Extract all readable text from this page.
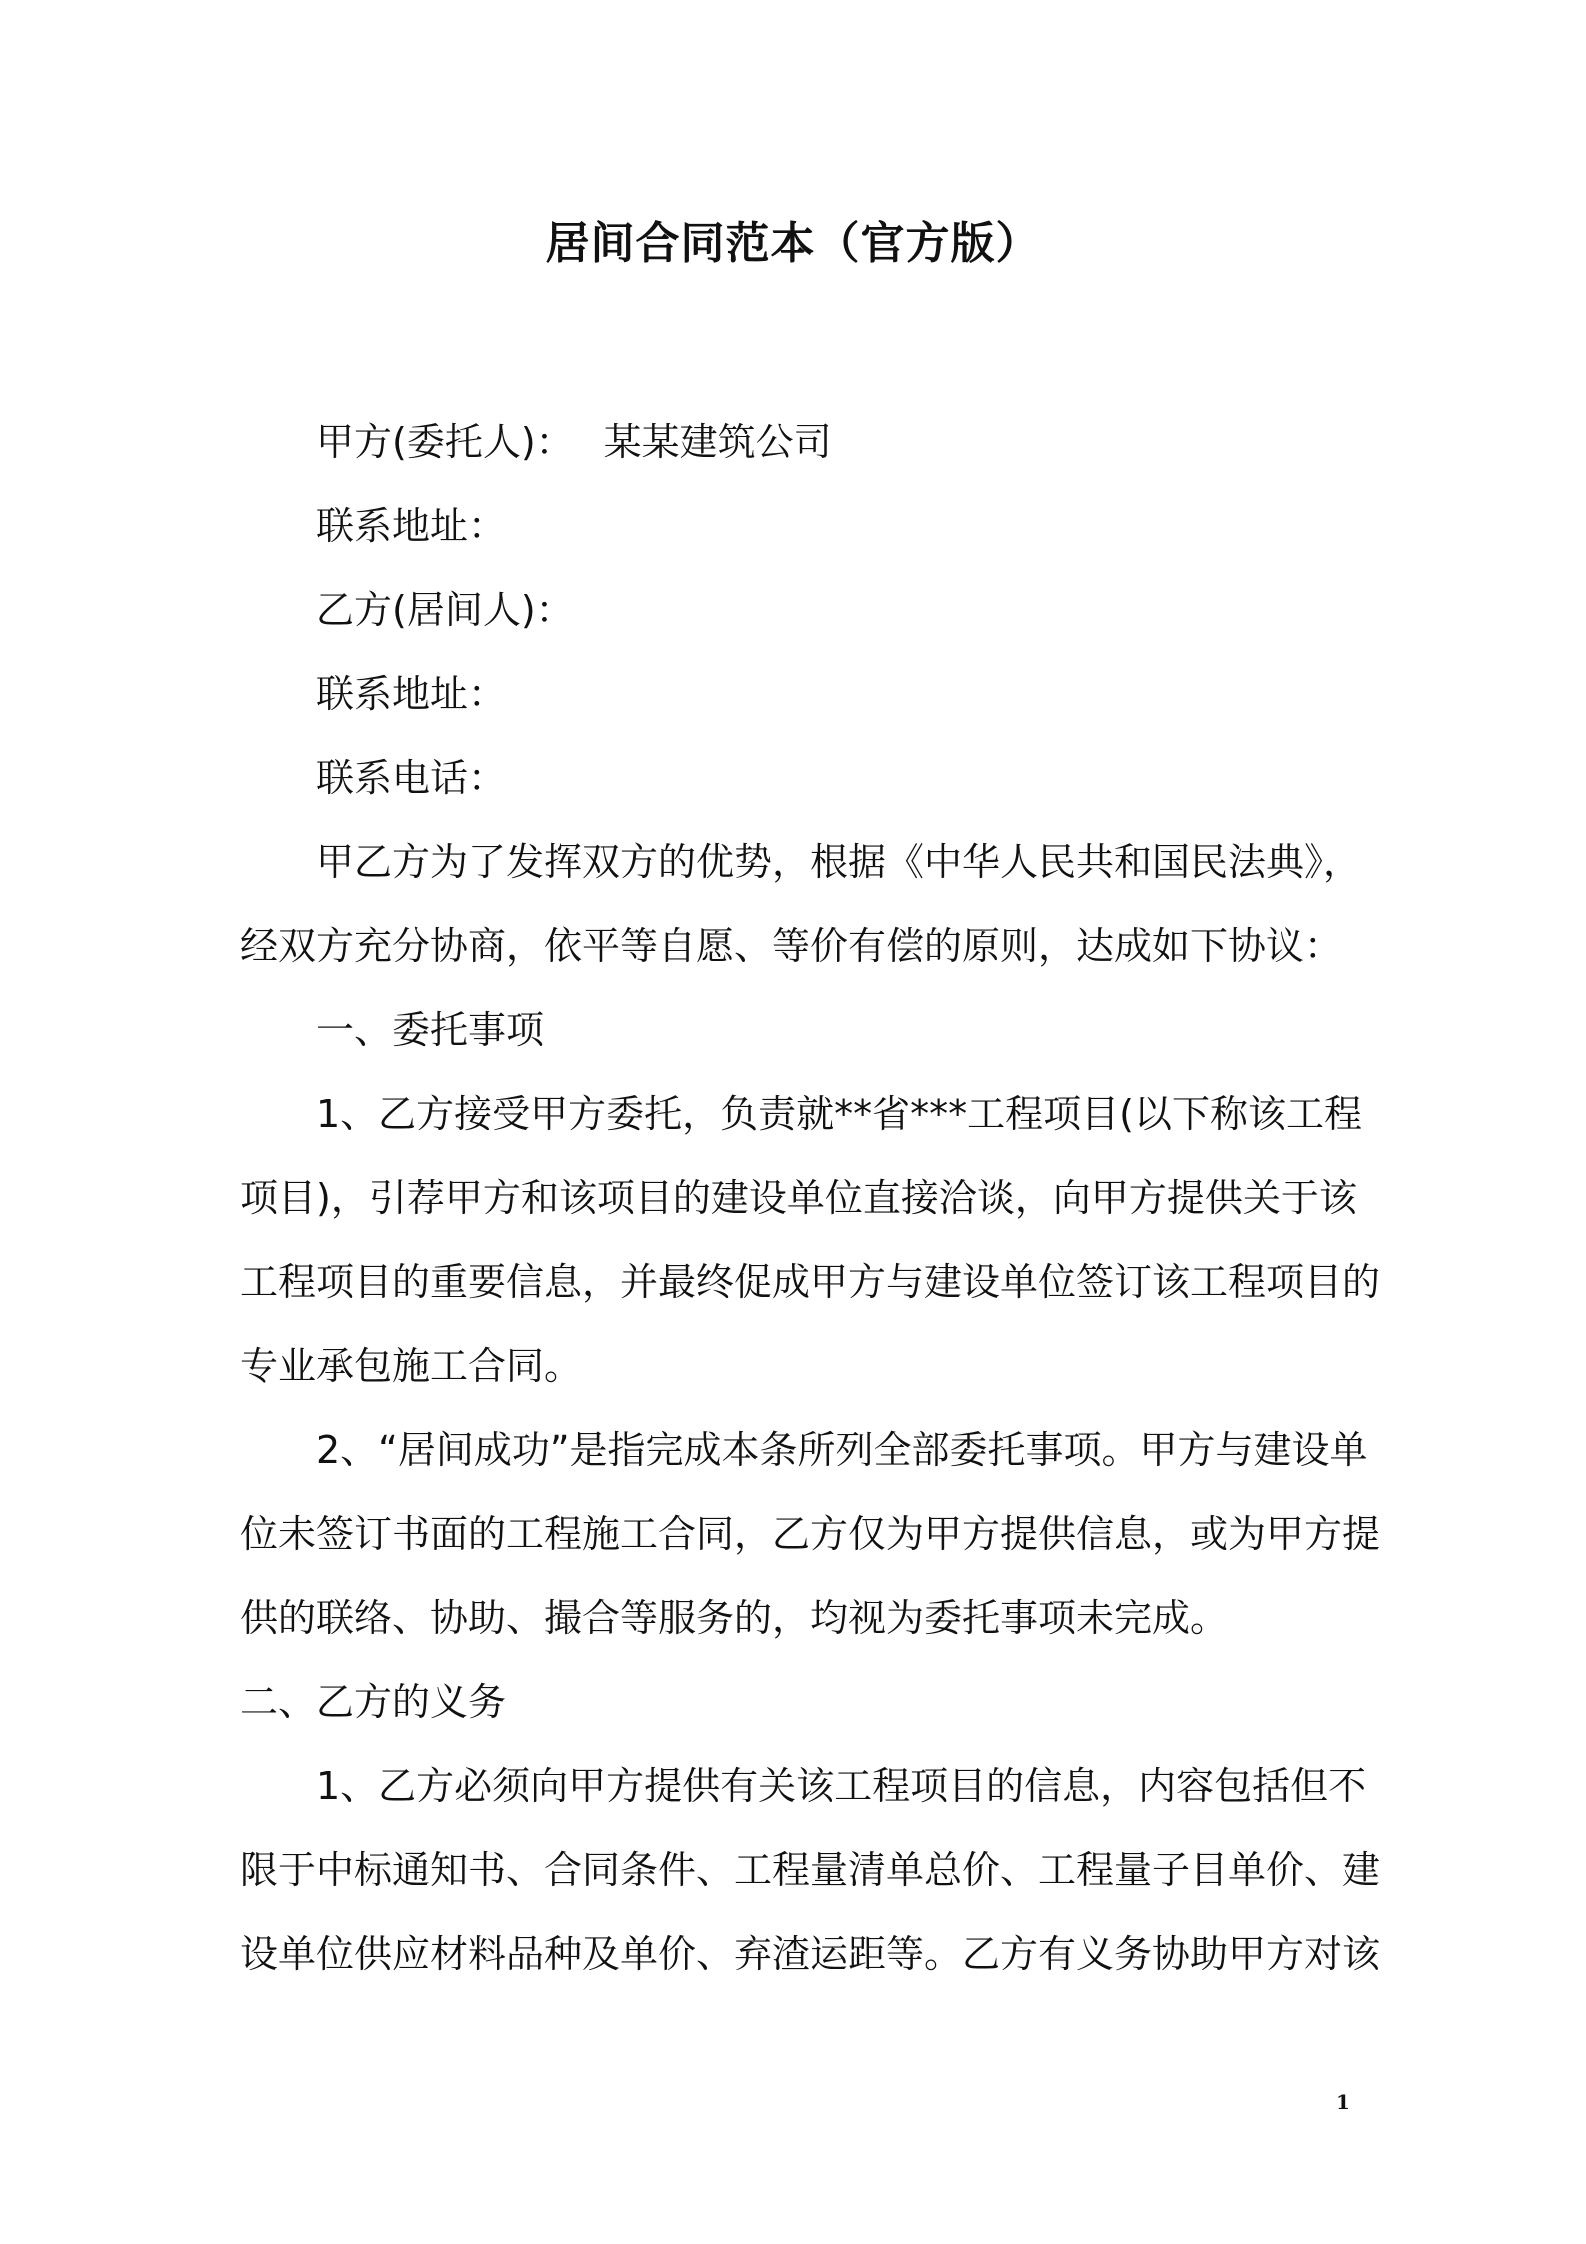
居间合同范本（官方版）
甲方(委托人)： 某某建筑公司
联系地址：
乙方(居间人)：
联系地址：
联系电话：
甲乙方为了发挥双方的优势，根据《中华人民共和国民法典》，
经双方充分协商，依平等自愿、等价有偿的原则，达成如下协议：
一、委托事项
1、乙方接受甲方委托，负责就**省***工程项目(以下称该工程
项目)，引荐甲方和该项目的建设单位直接洽谈，向甲方提供关于该
工程项目的重要信息，并最终促成甲方与建设单位签订该工程项目的
专业承包施工合同。
2、“居间成功”是指完成本条所列全部委托事项。甲方与建设单
位未签订书面的工程施工合同，乙方仅为甲方提供信息，或为甲方提
供的联络、协助、撮合等服务的，均视为委托事项未完成。
二、乙方的义务
1、乙方必须向甲方提供有关该工程项目的信息，内容包括但不
限于中标通知书、合同条件、工程量清单总价、工程量子目单价、建
设单位供应材料品种及单价、弃渣运距等。乙方有义务协助甲方对该
1
